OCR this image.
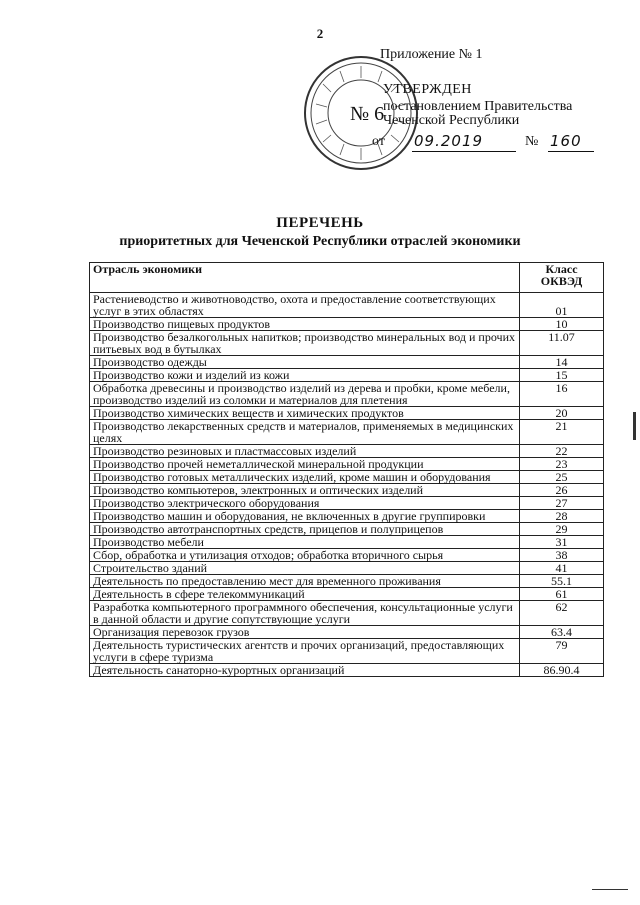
2
№ 6
Приложение № 1
УТВЕРЖДЕН
постановлением Правительства
Чеченской Республики
от 09.2019	№ 160
ПЕРЕЧЕНЬ
приоритетных для Чеченской Республики отраслей экономики
Отрасль экономики	Класс
ОКВЭД

Растениеводство и животноводство, охота и предоставление соответствующих услуг в этих областях	01
Производство пищевых продуктов	10
Производство безалкогольных напитков; производство минеральных вод и прочих питьевых вод в бутылках	11.07
Производство одежды	14
Производство кожи и изделий из кожи	15
Обработка древесины и производство изделий из дерева и пробки, кроме мебели, производство изделий из соломки и материалов для плетения	16
Производство химических веществ и химических продуктов	20
Производство лекарственных средств и материалов, применяемых в медицинских целях	21
Производство резиновых и пластмассовых изделий	22
Производство прочей неметаллической минеральной продукции	23
Производство готовых металлических изделий, кроме машин и оборудования	25
Производство компьютеров, электронных и оптических изделий	26
Производство электрического оборудования	27
Производство машин и оборудования, не включенных в другие группировки	28
Производство автотранспортных средств, прицепов и полуприцепов	29
Производство мебели	31
Сбор, обработка и утилизация отходов; обработка вторичного сырья	38
Строительство зданий	41
Деятельность по предоставлению мест для временного проживания	55.1
Деятельность в сфере телекоммуникаций	61
Разработка компьютерного программного обеспечения, консультационные услуги в данной области и другие сопутствующие услуги	62
Организация перевозок грузов	63.4
Деятельность туристических агентств и прочих организаций, предоставляющих услуги в сфере туризма	79
Деятельность санаторно-курортных организаций	86.90.4
